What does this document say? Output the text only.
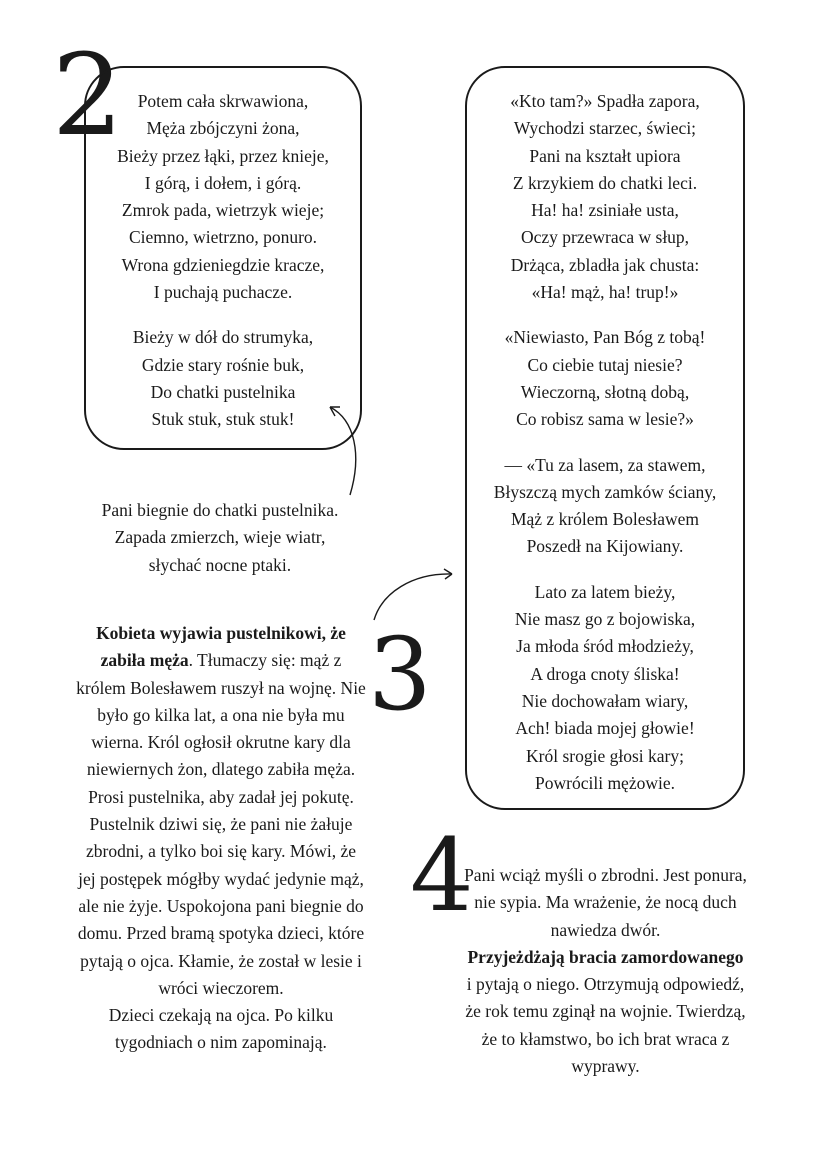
2 Potem cała skrwawiona,

Męża zbójczyni żona,

Bieży przez łąki, przez knieje,

I górą, i dołem, i górą.

Zmrok pada, wietrzyk wieje;

Ciemno, wietrzno, ponuro.

Wrona gdzieniegdzie kracze,

I puchają puchacze.

Bieży w dół do strumyka,

Gdzie stary rośnie buk,

Do chatki pustelnika

Stuk stuk, stuk stuk!

Pani biegnie do chatki pustelnika.

Zapada zmierzch, wieje wiatr,

słychać nocne ptaki.

«Kto tam?» Spadła zapora,

Wychodzi starzec, świeci;

Pani na kształt upiora

Z krzykiem do chatki leci.

Ha! ha! zsiniałe usta,

Oczy przewraca w słup,

Drżąca, zbladła jak chusta:

«Ha! mąż, ha! trup!»

«Niewiasto, Pan Bóg z tobą!

Co ciebie tutaj niesie?

Wieczorną, słotną dobą,

Co robisz sama w lesie?»

— «Tu za lasem, za stawem,

Błyszczą mych zamków ściany,

Mąż z królem Bolesławem

Poszedł na Kijowiany.

Lato za latem bieży,

Nie masz go z bojowiska,

Ja młoda śród młodzieży,

A droga cnoty śliska!

Nie dochowałam wiary,

Ach! biada mojej głowie!

Król srogie głosi kary;

Powrócili mężowie.

3
Kobieta wyjawia pustelnikowi, że zabiła męża. Tłumaczy się: mąż z królem Bolesławem ruszył na wojnę. Nie było go kilka lat, a ona nie była mu wierna. Król ogłosił okrutne kary dla niewiernych żon, dlatego zabiła męża. Prosi pustelnika, aby zadał jej pokutę. Pustelnik dziwi się, że pani nie żałuje zbrodni, a tylko boi się kary. Mówi, że jej postępek mógłby wydać jedynie mąż, ale nie żyje. Uspokojona pani biegnie do domu. Przed bramą spotyka dzieci, które pytają o ojca. Kłamie, że został w lesie i wróci wieczorem.
Dzieci czekają na ojca. Po kilku tygodniach o nim zapominają.
4
Pani wciąż myśli o zbrodni. Jest ponura, nie sypia. Ma wrażenie, że nocą duch nawiedza dwór.
Przyjeżdżają bracia zamordowanego i pytają o niego. Otrzymują odpowiedź, że rok temu zginął na wojnie. Twierdzą, że to kłamstwo, bo ich brat wraca z wyprawy.
